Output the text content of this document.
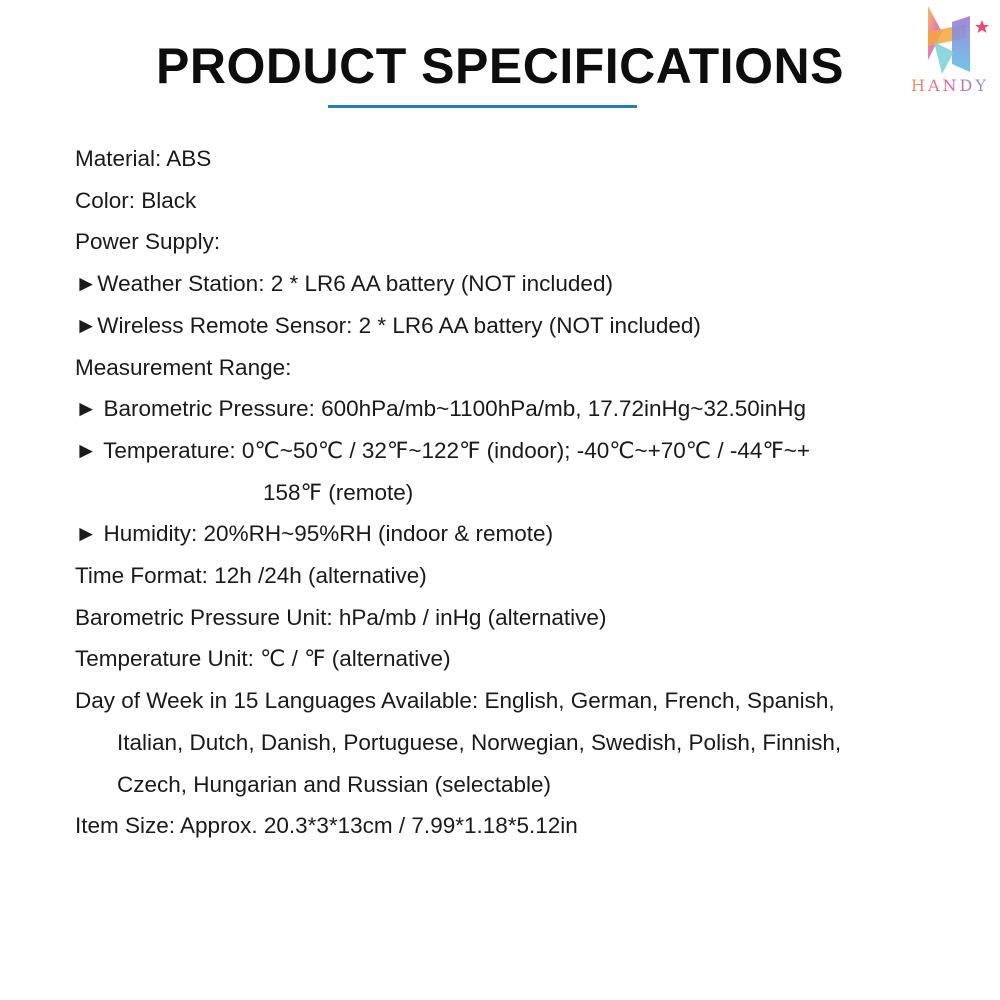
PRODUCT SPECIFICATIONS	HANDY
Material: ABS
Color: Black
Power Supply:
►Weather Station: 2 * LR6 AA battery (NOT included)
►Wireless Remote Sensor: 2 * LR6 AA battery (NOT included)
Measurement Range:
► Barometric Pressure: 600hPa/mb~1100hPa/mb, 17.72inHg~32.50inHg
► Temperature: 0℃~50℃ / 32℉~122℉ (indoor); -40℃~+70℃ / -44℉~+
158℉ (remote)
► Humidity: 20%RH~95%RH (indoor & remote)
Time Format: 12h /24h (alternative)
Barometric Pressure Unit: hPa/mb / inHg (alternative)
Temperature Unit: ℃ / ℉ (alternative)
Day of Week in 15 Languages Available: English, German, French, Spanish,
Italian, Dutch, Danish, Portuguese, Norwegian, Swedish, Polish, Finnish,
Czech, Hungarian and Russian (selectable)
Item Size: Approx. 20.3*3*13cm / 7.99*1.18*5.12in
